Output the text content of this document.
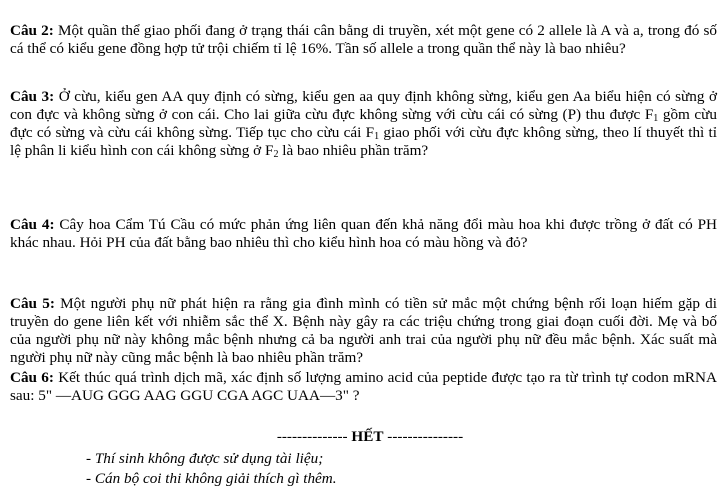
Câu 2: Một quần thể giao phối đang ở trạng thái cân bằng di truyền, xét một gene có 2 allele là A và a, trong đó số cá thể có kiểu gene đồng hợp tử trội chiếm tỉ lệ 16%. Tần số allele a trong quần thể này là bao nhiêu?

Câu 3: Ở cừu, kiểu gen AA quy định có sừng, kiểu gen aa quy định không sừng, kiểu gen Aa biểu hiện có sừng ở con đực và không sừng ở con cái. Cho lai giữa cừu đực không sừng với cừu cái có sừng (P) thu được $F_1$ gồm cừu đực có sừng và cừu cái không sừng. Tiếp tục cho cừu cái $F_1$ giao phối với cừu đực không sừng, theo lí thuyết thì tỉ lệ phân li kiểu hình con cái không sừng ở $F_2$ là bao nhiêu phần trăm?

Câu 4: Cây hoa Cẩm Tú Cầu có mức phản ứng liên quan đến khả năng đổi màu hoa khi được trồng ở đất có PH khác nhau. Hỏi PH của đất bằng bao nhiêu thì cho kiểu hình hoa có màu hồng và đỏ?

Câu 5: Một người phụ nữ phát hiện ra rằng gia đình mình có tiền sử mắc một chứng bệnh rối loạn hiếm gặp di truyền do gene liên kết với nhiễm sắc thể X. Bệnh này gây ra các triệu chứng trong giai đoạn cuối đời. Mẹ và bố của người phụ nữ này không mắc bệnh nhưng cả ba người anh trai của người phụ nữ đều mắc bệnh. Xác suất mà người phụ nữ này cũng mắc bệnh là bao nhiêu phần trăm?

Câu 6: Kết thúc quá trình dịch mã, xác định số lượng amino acid của peptide được tạo ra từ trình tự codon mRNA sau: 5" —AUG GGG AAG GGU CGA AGC UAA—3" ?

-------------- HẾT ---------------
- Thí sinh không được sử dụng tài liệu;
- Cán bộ coi thi không giải thích gì thêm.
